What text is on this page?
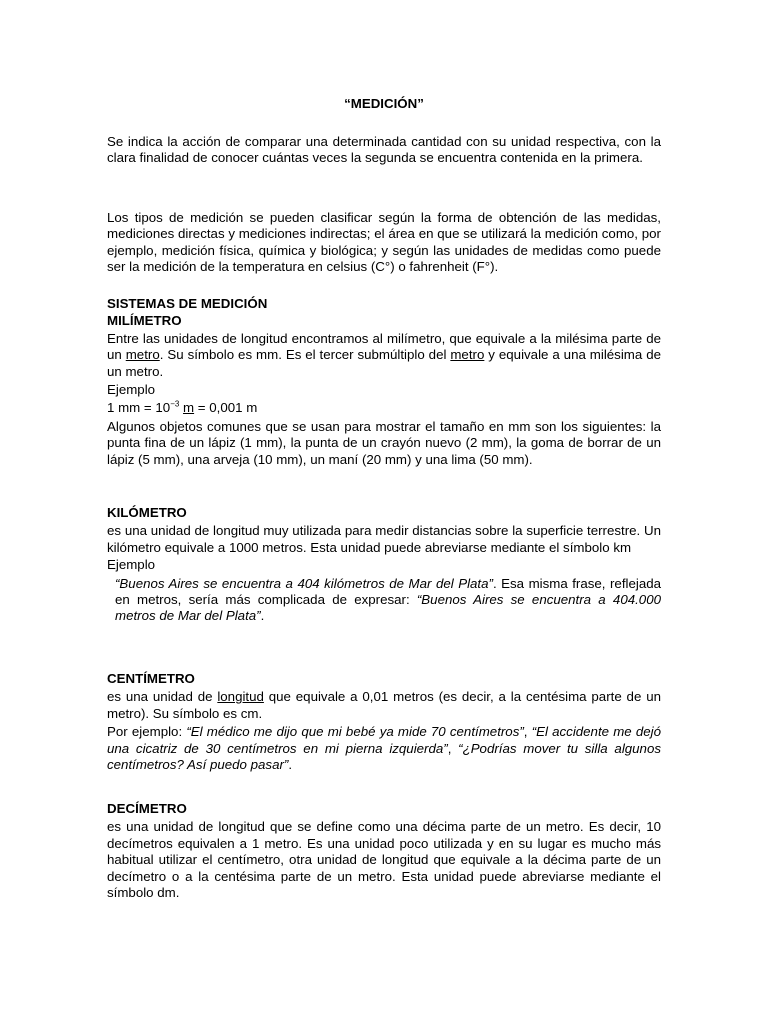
“MEDICIÓN”

Se indica la acción de comparar una determinada cantidad con su unidad respectiva, con la clara finalidad de conocer cuántas veces la segunda se encuentra contenida en la primera.

Los tipos de medición se pueden clasificar según la forma de obtención de las medidas, mediciones directas y mediciones indirectas; el área en que se utilizará la medición como, por ejemplo, medición física, química y biológica; y según las unidades de medidas como puede ser la medición de la temperatura en celsius (C°) o fahrenheit (F°).

SISTEMAS DE MEDICIÓN

MILÍMETRO

Entre las unidades de longitud encontramos al milímetro, que equivale a la milésima parte de un metro. Su símbolo es mm. Es el tercer submúltiplo del metro y equivale a una milésima de un metro.

Ejemplo

1 mm = $10^{-3}$ m = 0,001 m

Algunos objetos comunes que se usan para mostrar el tamaño en mm son los siguientes: la punta fina de un lápiz (1 mm), la punta de un crayón nuevo (2 mm), la goma de borrar de un lápiz (5 mm), una arveja (10 mm), un maní (20 mm) y una lima (50 mm).

KILÓMETRO

es una unidad de longitud muy utilizada para medir distancias sobre la superficie terrestre. Un kilómetro equivale a 1000 metros. Esta unidad puede abreviarse mediante el símbolo km

Ejemplo

“Buenos Aires se encuentra a 404 kilómetros de Mar del Plata”. Esa misma frase, reflejada en metros, sería más complicada de expresar: “Buenos Aires se encuentra a 404.000 metros de Mar del Plata”.

CENTÍMETRO

es una unidad de longitud que equivale a 0,01 metros (es decir, a la centésima parte de un metro). Su símbolo es cm.

Por ejemplo: “El médico me dijo que mi bebé ya mide 70 centímetros”, “El accidente me dejó una cicatriz de 30 centímetros en mi pierna izquierda”, “¿Podrías mover tu silla algunos centímetros? Así puedo pasar”.

DECÍMETRO

es una unidad de longitud que se define como una décima parte de un metro. Es decir, 10 decímetros equivalen a 1 metro. Es una unidad poco utilizada y en su lugar es mucho más habitual utilizar el centímetro, otra unidad de longitud que equivale a la décima parte de un decímetro o a la centésima parte de un metro. Esta unidad puede abreviarse mediante el símbolo dm.
